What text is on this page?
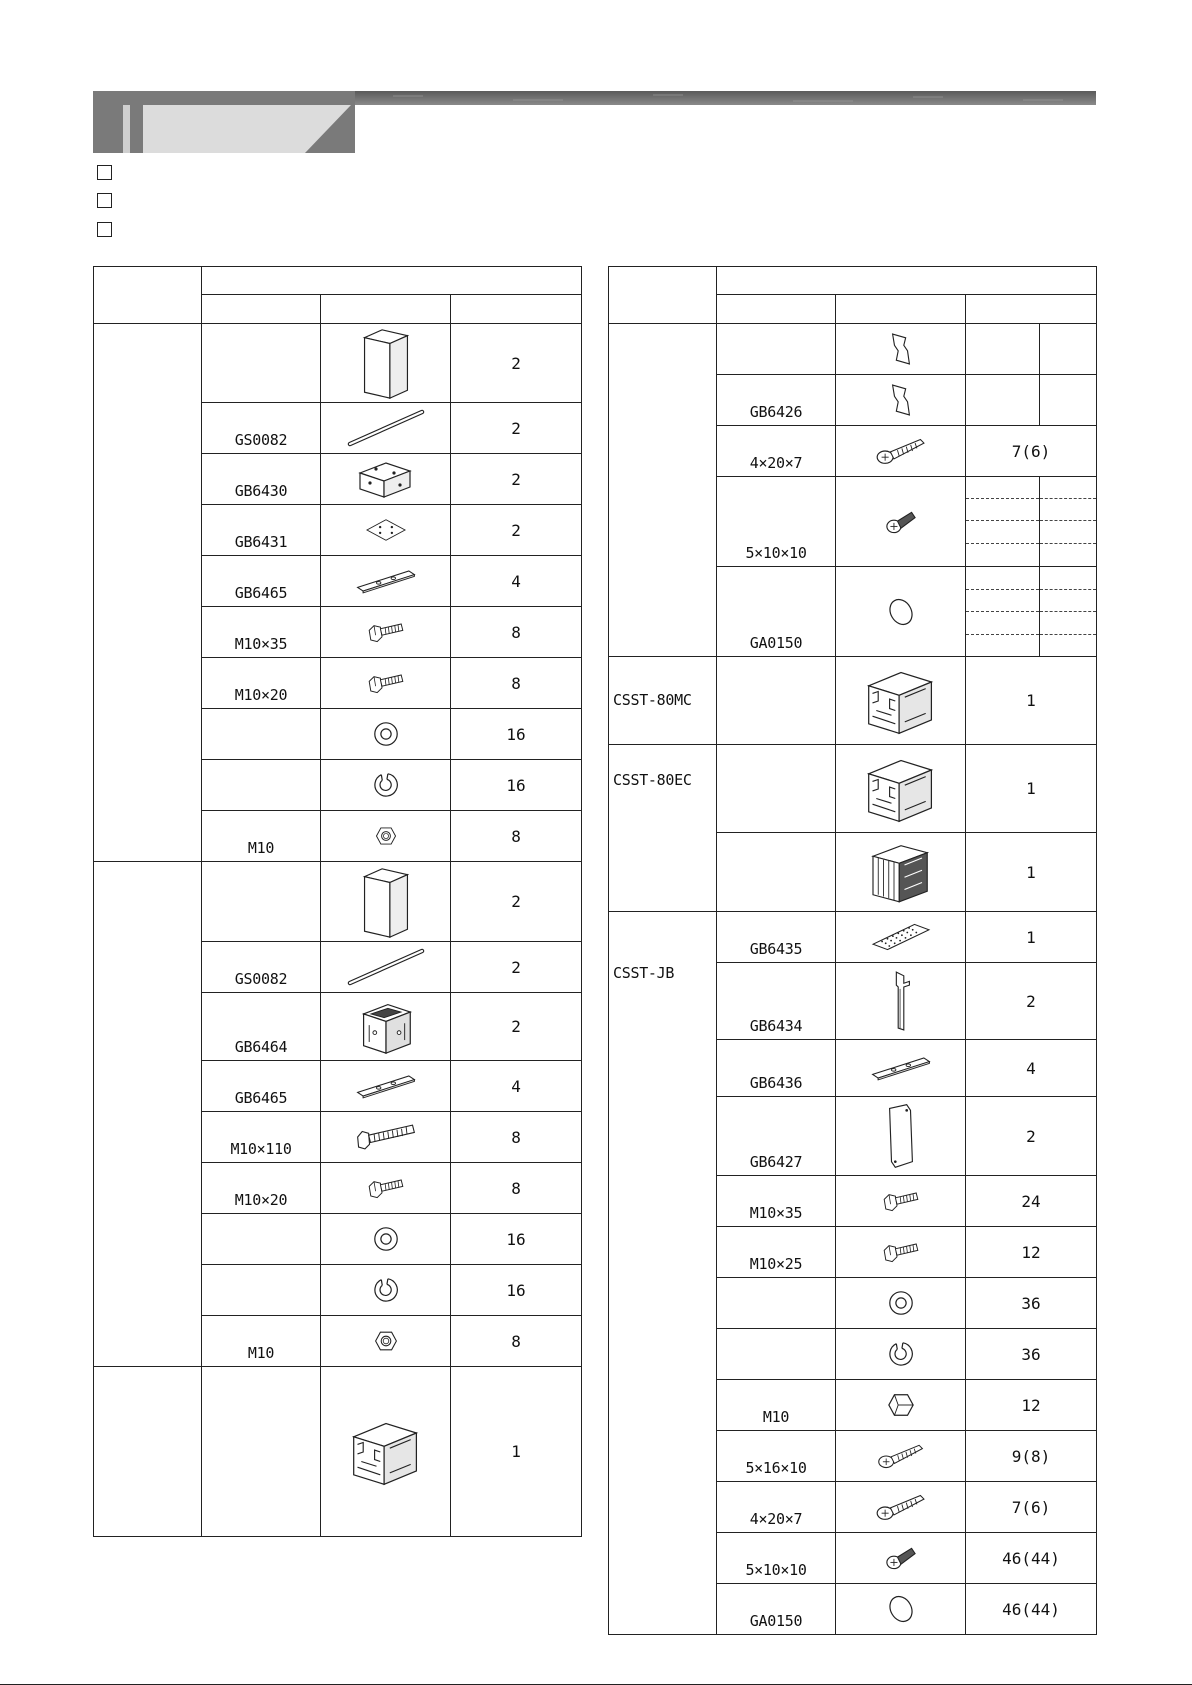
	2

	GS0082		2

	GB6430		2

	GB6431		2

	GB6465		4

	M10×35		8

	M10×20		8

	16

	16

	M10		8

	2

	GS0082		2

	GB6464		2

	GB6465		4

	M10×110		8

	M10×20		8

	16

	16

	M10		8

	1

	GB6426

	4×20×7		7(6)	

	5×10×10

	GA0150

CSST-80MC			1	

CSST-80EC			1	

	1	

CSST-JB	GB6435		1	

	GB6434		2	

	GB6436		4	

	GB6427		2	

	M10×35		24	

	M10×25		12	

	36	

	36	

	M10		12	

	5×16×10		9(8)	

	4×20×7		7(6)	

	5×10×10		46(44)	

	GA0150		46(44)	
